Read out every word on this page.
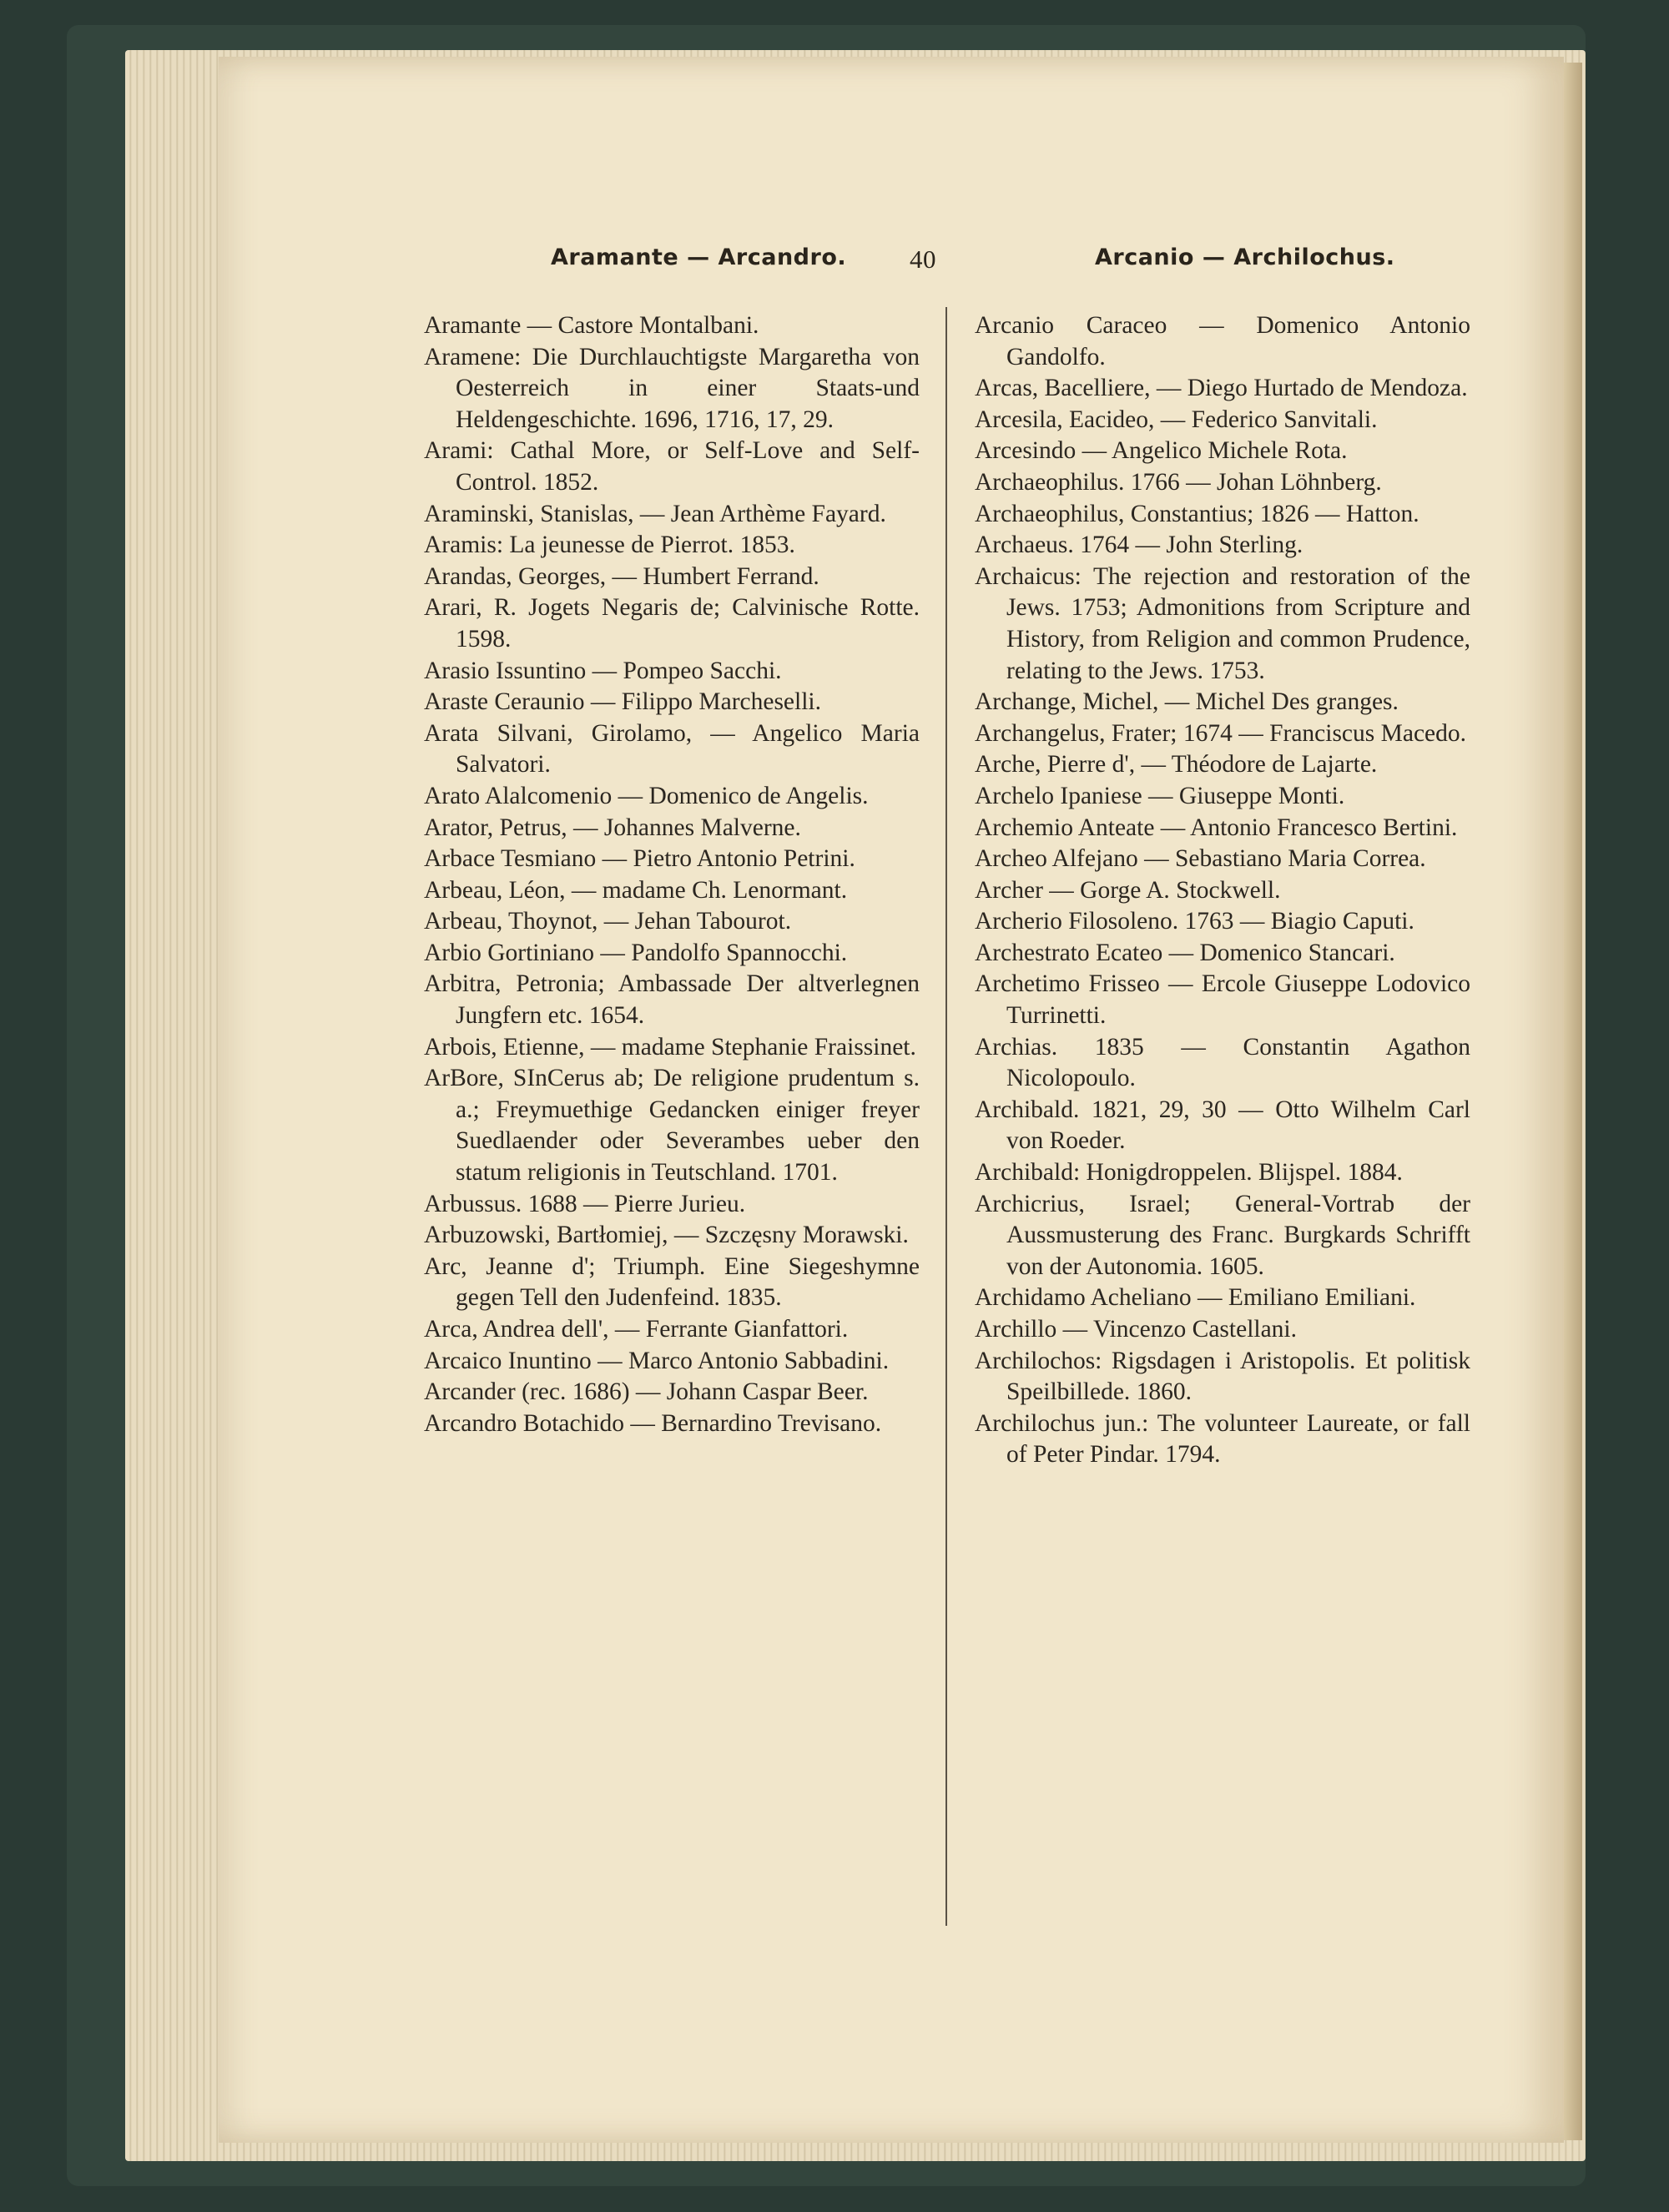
Aramante — Arcandro. 40	Arcanio — Archilochus.
Aramante — Castore Montalbani.
Aramene: Die Durchlauchtigste Margaretha von Oesterreich in einer Staats-und Heldengeschichte. 1696, 1716, 17, 29.
Arami: Cathal More, or Self-Love and Self-Control. 1852.
Araminski, Stanislas, — Jean Arthème Fayard.
Aramis: La jeunesse de Pierrot. 1853.
Arandas, Georges, — Humbert Ferrand.
Arari, R. Jogets Negaris de; Calvinische Rotte. 1598.
Arasio Issuntino — Pompeo Sacchi.
Araste Ceraunio — Filippo Marcheselli.
Arata Silvani, Girolamo, — Angelico Maria Salvatori.
Arato Alalcomenio — Domenico de Angelis.
Arator, Petrus, — Johannes Malverne.
Arbace Tesmiano — Pietro Antonio Petrini.
Arbeau, Léon, — madame Ch. Lenormant.
Arbeau, Thoynot, — Jehan Tabourot.
Arbio Gortiniano — Pandolfo Spannocchi.
Arbitra, Petronia; Ambassade Der altverlegnen Jungfern etc. 1654.
Arbois, Etienne, — madame Stephanie Fraissinet.
ArBore, SInCerus ab; De religione prudentum s. a.; Freymuethige Gedancken einiger freyer Suedlaender oder Severambes ueber den statum religionis in Teutschland. 1701.
Arbussus. 1688 — Pierre Jurieu.
Arbuzowski, Bartłomiej, — Szczęsny Morawski.
Arc, Jeanne d'; Triumph. Eine Siegeshymne gegen Tell den Judenfeind. 1835.
Arca, Andrea dell', — Ferrante Gianfattori.
Arcaico Inuntino — Marco Antonio Sabbadini.
Arcander (rec. 1686) — Johann Caspar Beer.
Arcandro Botachido — Bernardino Trevisano.
Arcanio Caraceo — Domenico Antonio Gandolfo.
Arcas, Bacelliere, — Diego Hurtado de Mendoza.
Arcesila, Eacideo, — Federico Sanvitali.
Arcesindo — Angelico Michele Rota.
Archaeophilus. 1766 — Johan Löhnberg.
Archaeophilus, Constantius; 1826 — Hatton.
Archaeus. 1764 — John Sterling.
Archaicus: The rejection and restoration of the Jews. 1753; Admonitions from Scripture and History, from Religion and common Prudence, relating to the Jews. 1753.
Archange, Michel, — Michel Des granges.
Archangelus, Frater; 1674 — Franciscus Macedo.
Arche, Pierre d', — Théodore de Lajarte.
Archelo Ipaniese — Giuseppe Monti.
Archemio Anteate — Antonio Francesco Bertini.
Archeo Alfejano — Sebastiano Maria Correa.
Archer — Gorge A. Stockwell.
Archerio Filosoleno. 1763 — Biagio Caputi.
Archestrato Ecateo — Domenico Stancari.
Archetimo Frisseo — Ercole Giuseppe Lodovico Turrinetti.
Archias. 1835 — Constantin Agathon Nicolopoulo.
Archibald. 1821, 29, 30 — Otto Wilhelm Carl von Roeder.
Archibald: Honigdroppelen. Blijspel. 1884.
Archicrius, Israel; General-Vortrab der Aussmusterung des Franc. Burgkards Schrifft von der Autonomia. 1605.
Archidamo Acheliano — Emiliano Emiliani.
Archillo — Vincenzo Castellani.
Archilochos: Rigsdagen i Aristopolis. Et politisk Speilbillede. 1860.
Archilochus jun.: The volunteer Laureate, or fall of Peter Pindar. 1794.
